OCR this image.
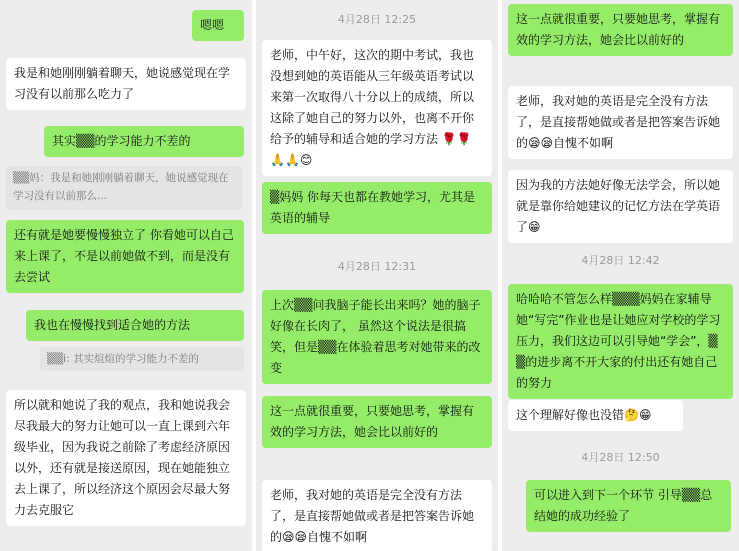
嗯嗯
我是和她刚刚躺着聊天，她说感觉现在学习没有以前那么吃力了
其实▒▒的学习能力不差的
▒▒妈：我是和她刚刚躺着聊天，她说感觉现在学习没有以前那么...
还有就是她要慢慢独立了 你看她可以自己来上课了，不是以前她做不到，而是没有去尝试
我也在慢慢找到适合她的方法
▒▒i: 其实煊煊的学习能力不差的
所以就和她说了我的观点，我和她说我会尽我最大的努力让她可以一直上课到六年级毕业，因为我说之前除了考虑经济原因以外，还有就是接送原因，现在她能独立去上课了，所以经济这个原因会尽最大努力去克服它
4月28日 12:25
老师，中午好，这次的期中考试，我也没想到她的英语能从三年级英语考试以来第一次取得八十分以上的成绩，所以这除了她自己的努力以外，也离不开你给予的辅导和适合她的学习方法 🌹🌹🙏🙏😊
▒妈妈 你每天也都在教她学习，尤其是英语的辅导
4月28日 12:31
上次▒▒问我脑子能长出来吗？她的脑子好像在长肉了， 虽然这个说法是很搞笑，但是▒▒在体验着思考对她带来的改变
这一点就很重要，只要她思考，掌握有效的学习方法，她会比以前好的
老师，我对她的英语是完全没有方法了，是直接帮她做或者是把答案告诉她的😪😪自愧不如啊
这一点就很重要，只要她思考，掌握有效的学习方法，她会比以前好的
老师，我对她的英语是完全没有方法了，是直接帮她做或者是把答案告诉她的😪😪自愧不如啊
因为我的方法她好像无法学会，所以她就是靠你给她建议的记忆方法在学英语了😁
4月28日 12:42
哈哈哈不管怎么样▒▒▒妈妈在家辅导她“写完”作业也是让她应对学校的学习压力，我们这边可以引导她“学会”，▒▒的进步离不开大家的付出还有她自己的努力
这个理解好像也没错🤔😁
4月28日 12:50
可以进入到下一个环节 引导▒▒总结她的成功经验了
